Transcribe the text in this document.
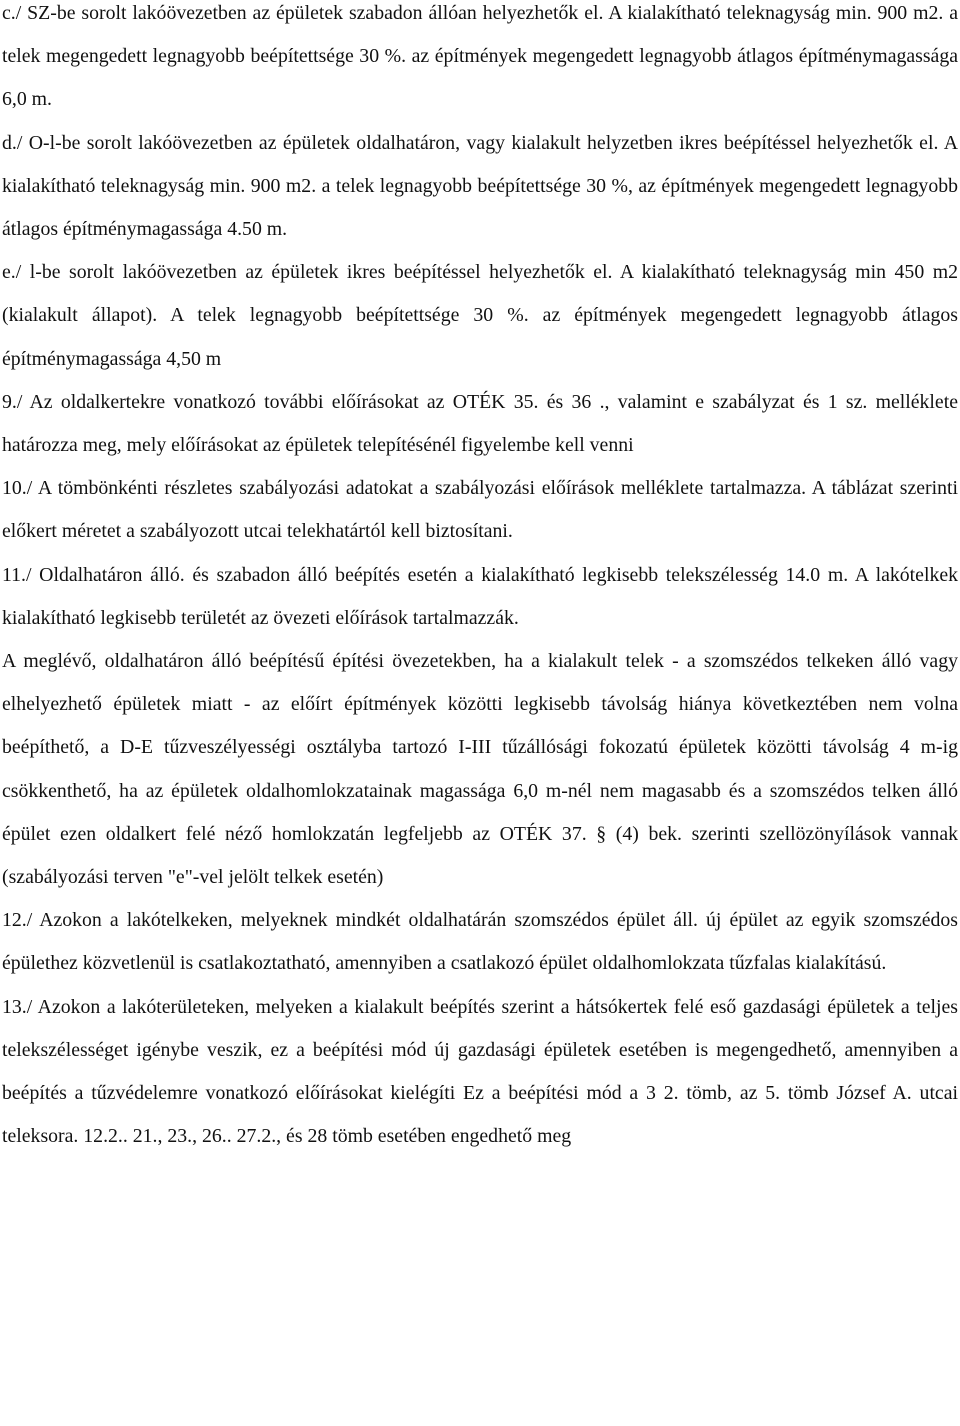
c./ SZ-be sorolt lakóövezetben az épületek szabadon állóan helyezhetők el. A kialakítható teleknagyság min. 900 m2. a telek megengedett legnagyobb beépítettsége 30 %. az építmények megengedett legnagyobb átlagos építménymagassága 6,0 m.

d./ O-l-be sorolt lakóövezetben az épületek oldalhatáron, vagy kialakult helyzetben ikres beépítéssel helyezhetők el. A kialakítható teleknagyság min. 900 m2. a telek legnagyobb beépítettsége 30 %, az építmények megengedett legnagyobb átlagos építménymagassága 4.50 m.

e./ l-be sorolt lakóövezetben az épületek ikres beépítéssel helyezhetők el. A kialakítható teleknagyság min 450 m2 (kialakult állapot). A telek legnagyobb beépítettsége 30 %. az építmények megengedett legnagyobb átlagos építménymagassága 4,50 m

9./ Az oldalkertekre vonatkozó további előírásokat az OTÉK 35. és 36 ., valamint e szabályzat és 1 sz. melléklete határozza meg, mely előírásokat az épületek telepítésénél figyelembe kell venni

10./ A tömbönkénti részletes szabályozási adatokat a szabályozási előírások melléklete tartalmazza. A táblázat szerinti előkert méretet a szabályozott utcai telekhatártól kell biztosítani.

11./ Oldalhatáron álló. és szabadon álló beépítés esetén a kialakítható legkisebb telekszélesség 14.0 m. A lakótelkek kialakítható legkisebb területét az övezeti előírások tartalmazzák.

A meglévő, oldalhatáron álló beépítésű építési övezetekben, ha a kialakult telek - a szomszédos telkeken álló vagy elhelyezhető épületek miatt - az előírt építmények közötti legkisebb távolság hiánya következtében nem volna beépíthető, a D-E tűzveszélyességi osztályba tartozó I-III tűzállósági fokozatú épületek közötti távolság 4 m-ig csökkenthető, ha az épületek oldalhomlokzatainak magassága 6,0 m-nél nem magasabb és a szomszédos telken álló épület ezen oldalkert felé néző homlokzatán legfeljebb az OTÉK 37. § (4) bek. szerinti szellözönyílások vannak (szabályozási terven "e"-vel jelölt telkek esetén)

12./ Azokon a lakótelkeken, melyeknek mindkét oldalhatárán szomszédos épület áll. új épület az egyik szomszédos épülethez közvetlenül is csatlakoztatható, amennyiben a csatlakozó épület oldalhomlokzata tűzfalas kialakítású.

13./ Azokon a lakóterületeken, melyeken a kialakult beépítés szerint a hátsókertek felé eső gazdasági épületek a teljes telekszélességet igénybe veszik, ez a beépítési mód új gazdasági épületek esetében is megengedhető, amennyiben a beépítés a tűzvédelemre vonatkozó előírásokat kielégíti Ez a beépítési mód a 3 2. tömb, az 5. tömb József A. utcai teleksora. 12.2.. 21., 23., 26.. 27.2., és 28 tömb esetében engedhető meg
